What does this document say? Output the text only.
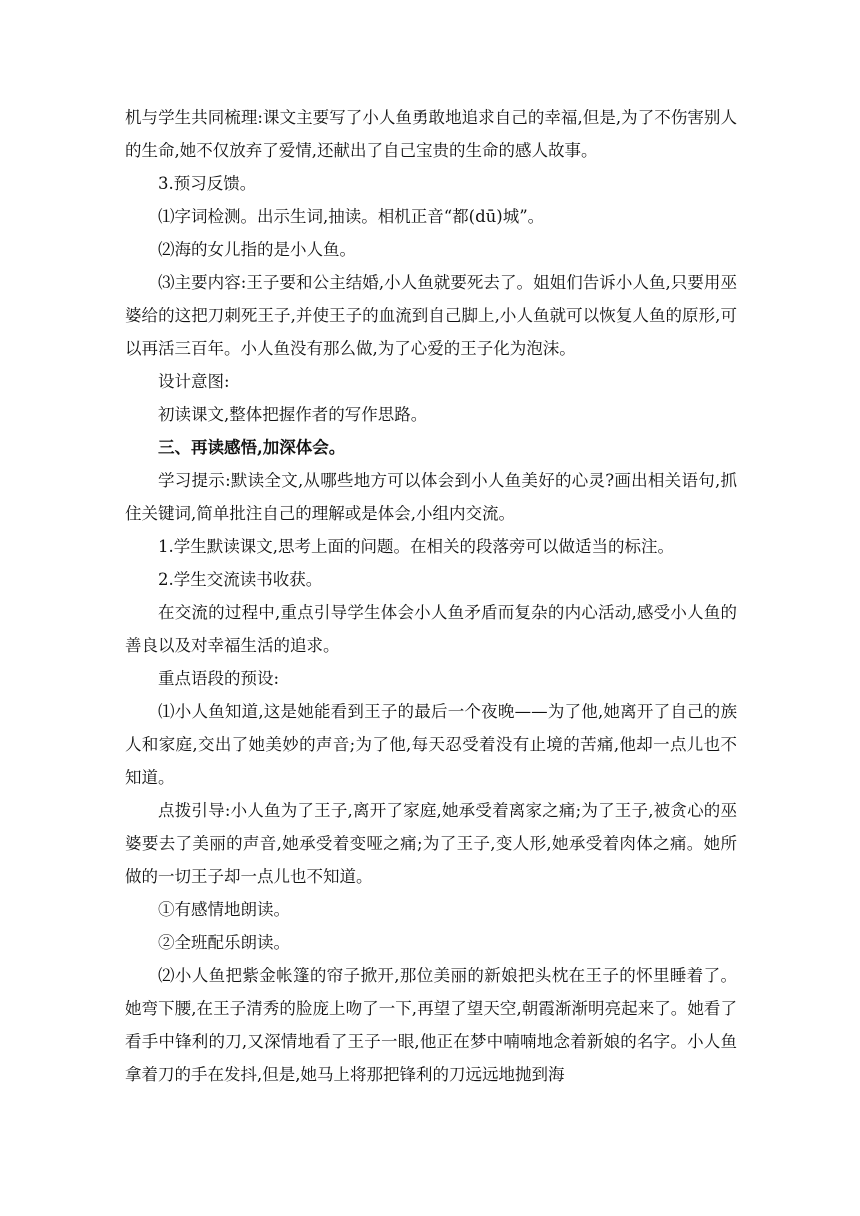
机与学生共同梳理:课文主要写了小人鱼勇敢地追求自己的幸福,但是,为了不伤害别人的生命,她不仅放弃了爱情,还献出了自己宝贵的生命的感人故事。

3.预习反馈。

⑴字词检测。出示生词,抽读。相机正音“都(dū)城”。

⑵海的女儿指的是小人鱼。

⑶主要内容:王子要和公主结婚,小人鱼就要死去了。姐姐们告诉小人鱼,只要用巫婆给的这把刀刺死王子,并使王子的血流到自己脚上,小人鱼就可以恢复人鱼的原形,可以再活三百年。小人鱼没有那么做,为了心爱的王子化为泡沫。

设计意图:

初读课文,整体把握作者的写作思路。

三、再读感悟,加深体会。

学习提示:默读全文,从哪些地方可以体会到小人鱼美好的心灵?画出相关语句,抓住关键词,简单批注自己的理解或是体会,小组内交流。

1.学生默读课文,思考上面的问题。在相关的段落旁可以做适当的标注。

2.学生交流读书收获。

在交流的过程中,重点引导学生体会小人鱼矛盾而复杂的内心活动,感受小人鱼的善良以及对幸福生活的追求。

重点语段的预设:

⑴小人鱼知道,这是她能看到王子的最后一个夜晚——为了他,她离开了自己的族人和家庭,交出了她美妙的声音;为了他,每天忍受着没有止境的苦痛,他却一点儿也不知道。

点拨引导:小人鱼为了王子,离开了家庭,她承受着离家之痛;为了王子,被贪心的巫婆要去了美丽的声音,她承受着变哑之痛;为了王子,变人形,她承受着肉体之痛。她所做的一切王子却一点儿也不知道。

①有感情地朗读。

②全班配乐朗读。

⑵小人鱼把紫金帐篷的帘子掀开,那位美丽的新娘把头枕在王子的怀里睡着了。她弯下腰,在王子清秀的脸庞上吻了一下,再望了望天空,朝霞渐渐明亮起来了。她看了看手中锋利的刀,又深情地看了王子一眼,他正在梦中喃喃地念着新娘的名字。小人鱼拿着刀的手在发抖,但是,她马上将那把锋利的刀远远地抛到海
